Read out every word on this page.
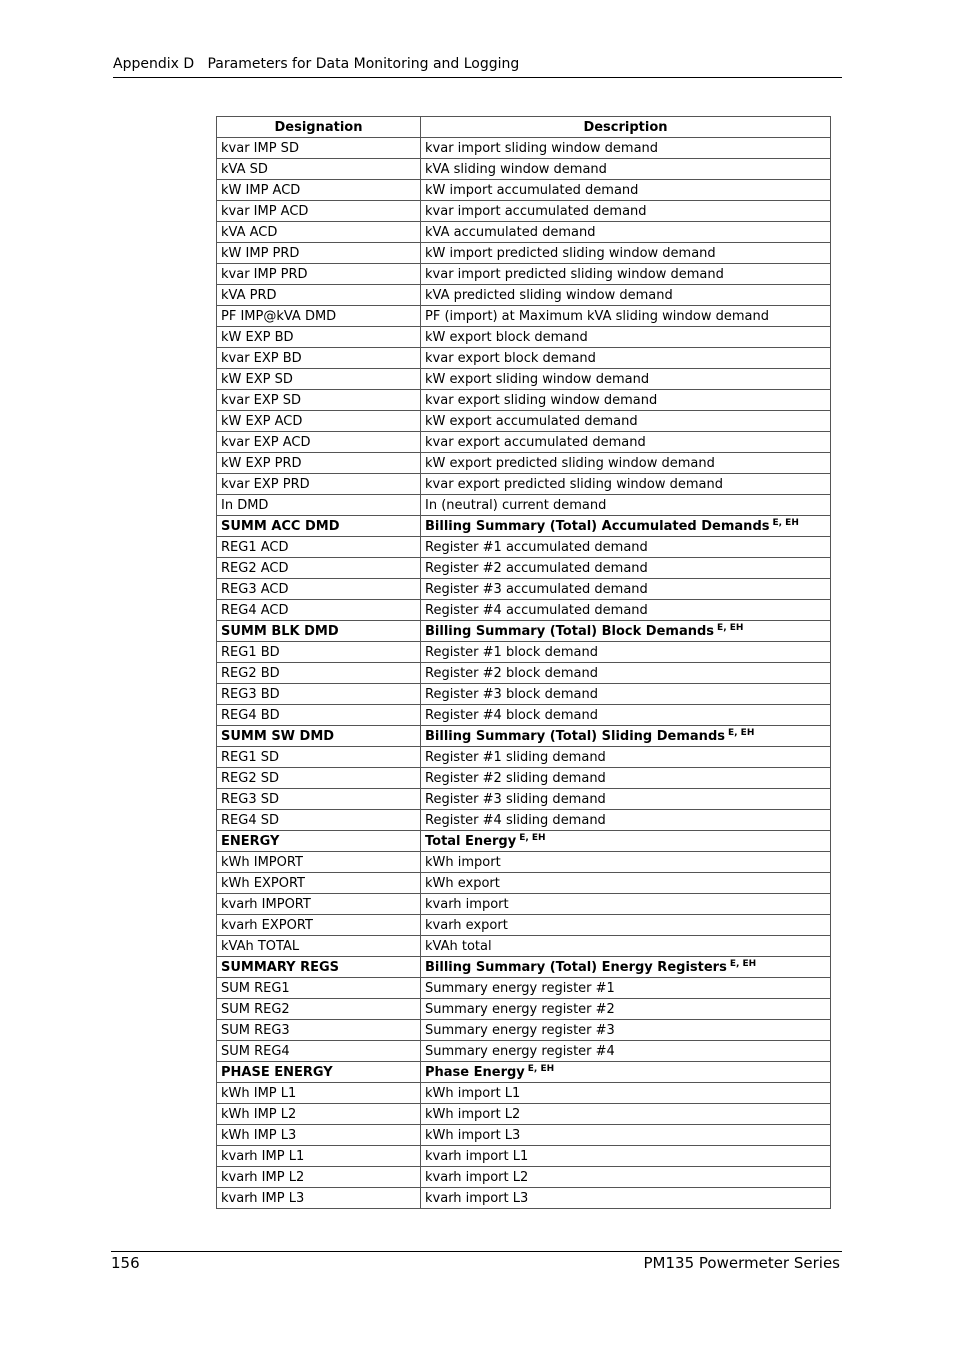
Appendix D   Parameters for Data Monitoring and Logging
Designation	Description
kvar IMP SD	kvar import sliding window demand
kVA SD	kVA sliding window demand
kW IMP ACD	kW import accumulated demand
kvar IMP ACD	kvar import accumulated demand
kVA ACD	kVA accumulated demand
kW IMP PRD	kW import predicted sliding window demand
kvar IMP PRD	kvar import predicted sliding window demand
kVA PRD	kVA predicted sliding window demand
PF IMP@kVA DMD	PF (import) at Maximum kVA sliding window demand
kW EXP BD	kW export block demand
kvar EXP BD	kvar export block demand
kW EXP SD	kW export sliding window demand
kvar EXP SD	kvar export sliding window demand
kW EXP ACD	kW export accumulated demand
kvar EXP ACD	kvar export accumulated demand
kW EXP PRD	kW export predicted sliding window demand
kvar EXP PRD	kvar export predicted sliding window demand
In DMD	In (neutral) current demand
SUMM ACC DMD	Billing Summary (Total) Accumulated Demands $^{E, EH}$
REG1 ACD	Register #1 accumulated demand
REG2 ACD	Register #2 accumulated demand
REG3 ACD	Register #3 accumulated demand
REG4 ACD	Register #4 accumulated demand
SUMM BLK DMD	Billing Summary (Total) Block Demands $^{E, EH}$
REG1 BD	Register #1 block demand
REG2 BD	Register #2 block demand
REG3 BD	Register #3 block demand
REG4 BD	Register #4 block demand
SUMM SW DMD	Billing Summary (Total) Sliding Demands $^{E, EH}$
REG1 SD	Register #1 sliding demand
REG2 SD	Register #2 sliding demand
REG3 SD	Register #3 sliding demand
REG4 SD	Register #4 sliding demand
ENERGY	Total Energy $^{E, EH}$
kWh IMPORT	kWh import
kWh EXPORT	kWh export
kvarh IMPORT	kvarh import
kvarh EXPORT	kvarh export
kVAh TOTAL	kVAh total
SUMMARY REGS	Billing Summary (Total) Energy Registers $^{E, EH}$
SUM REG1	Summary energy register #1
SUM REG2	Summary energy register #2
SUM REG3	Summary energy register #3
SUM REG4	Summary energy register #4
PHASE ENERGY	Phase Energy $^{E, EH}$
kWh IMP L1	kWh import L1
kWh IMP L2	kWh import L2
kWh IMP L3	kWh import L3
kvarh IMP L1	kvarh import L1
kvarh IMP L2	kvarh import L2
kvarh IMP L3	kvarh import L3
156	PM135 Powermeter Series
